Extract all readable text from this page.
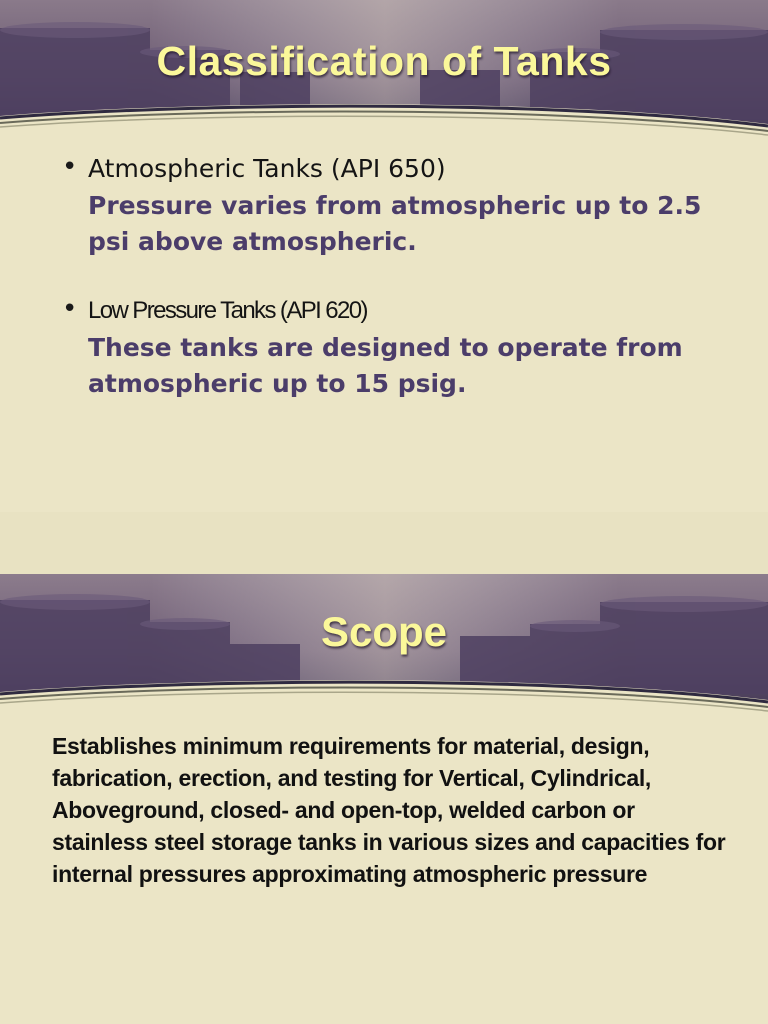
Classification of Tanks
• Atmospheric Tanks (API 650)
Pressure varies from atmospheric up to 2.5 psi above atmospheric.
• Low Pressure Tanks (API 620)
These tanks are designed to operate from atmospheric up to 15 psig.
Scope

Establishes minimum requirements for material, design, fabrication, erection, and testing for Vertical, Cylindrical, Aboveground, closed- and open-top, welded carbon or stainless steel storage tanks in various sizes and capacities for internal pressures approximating atmospheric pressure
